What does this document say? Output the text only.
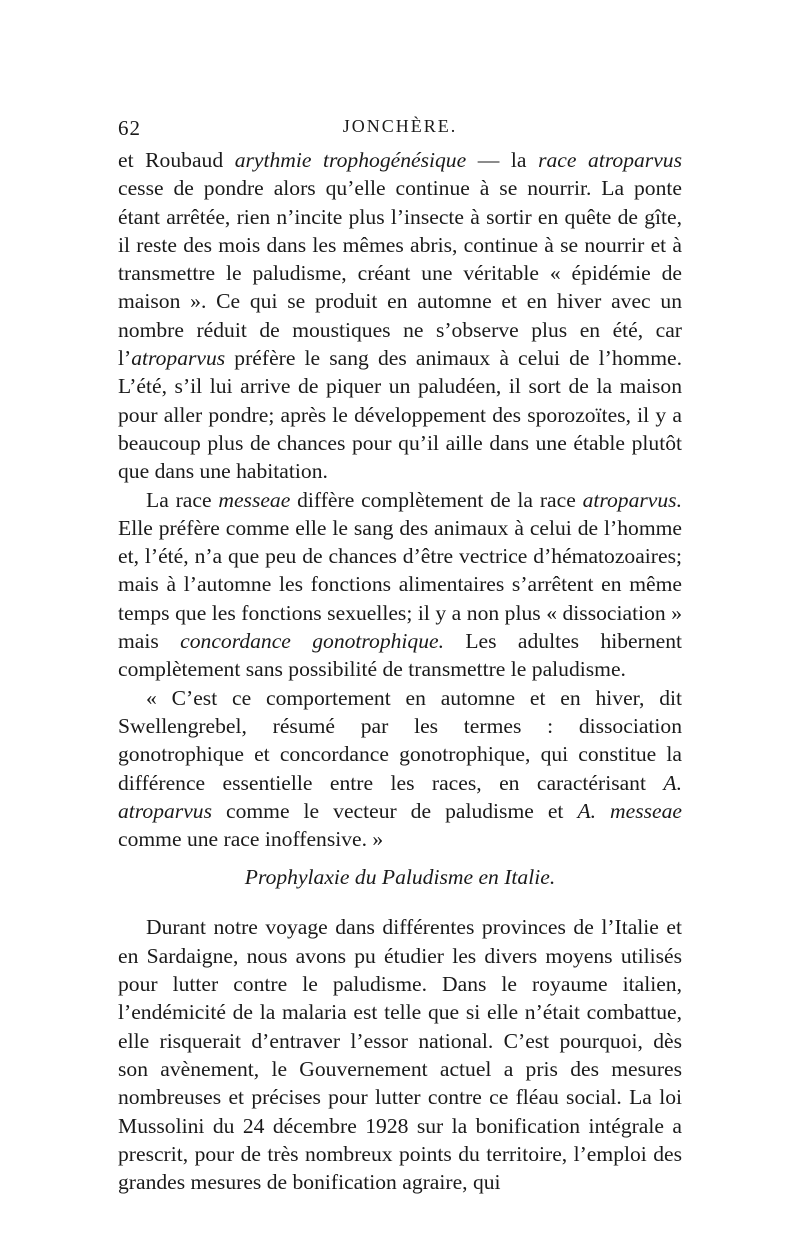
62	JONCHÈRE.

et Roubaud arythmie trophogénésique — la race atroparvus cesse de pondre alors qu’elle continue à se nourrir. La ponte étant arrêtée, rien n’incite plus l’insecte à sortir en quête de gîte, il reste des mois dans les mêmes abris, continue à se nourrir et à transmettre le paludisme, créant une véritable « épidémie de maison ». Ce qui se produit en automne et en hiver avec un nombre réduit de moustiques ne s’observe plus en été, car l’atroparvus préfère le sang des animaux à celui de l’homme. L’été, s’il lui arrive de piquer un paludéen, il sort de la maison pour aller pondre; après le développement des sporozoïtes, il y a beaucoup plus de chances pour qu’il aille dans une étable plutôt que dans une habitation.

La race messeae diffère complètement de la race atroparvus. Elle préfère comme elle le sang des animaux à celui de l’homme et, l’été, n’a que peu de chances d’être vectrice d’hématozoaires; mais à l’automne les fonctions alimentaires s’arrêtent en même temps que les fonctions sexuelles; il y a non plus « dissociation » mais concordance gonotrophique. Les adultes hibernent complètement sans possibilité de transmettre le paludisme.

« C’est ce comportement en automne et en hiver, dit Swellengrebel, résumé par les termes : dissociation gonotrophique et concordance gonotrophique, qui constitue la différence essentielle entre les races, en caractérisant A. atroparvus comme le vecteur de paludisme et A. messeae comme une race inoffensive. »

Prophylaxie du Paludisme en Italie.

Durant notre voyage dans différentes provinces de l’Italie et en Sardaigne, nous avons pu étudier les divers moyens utilisés pour lutter contre le paludisme. Dans le royaume italien, l’endémicité de la malaria est telle que si elle n’était combattue, elle risquerait d’entraver l’essor national. C’est pourquoi, dès son avènement, le Gouvernement actuel a pris des mesures nombreuses et précises pour lutter contre ce fléau social. La loi Mussolini du 24 décembre 1928 sur la bonification intégrale a prescrit, pour de très nombreux points du territoire, l’emploi des grandes mesures de bonification agraire, qui
